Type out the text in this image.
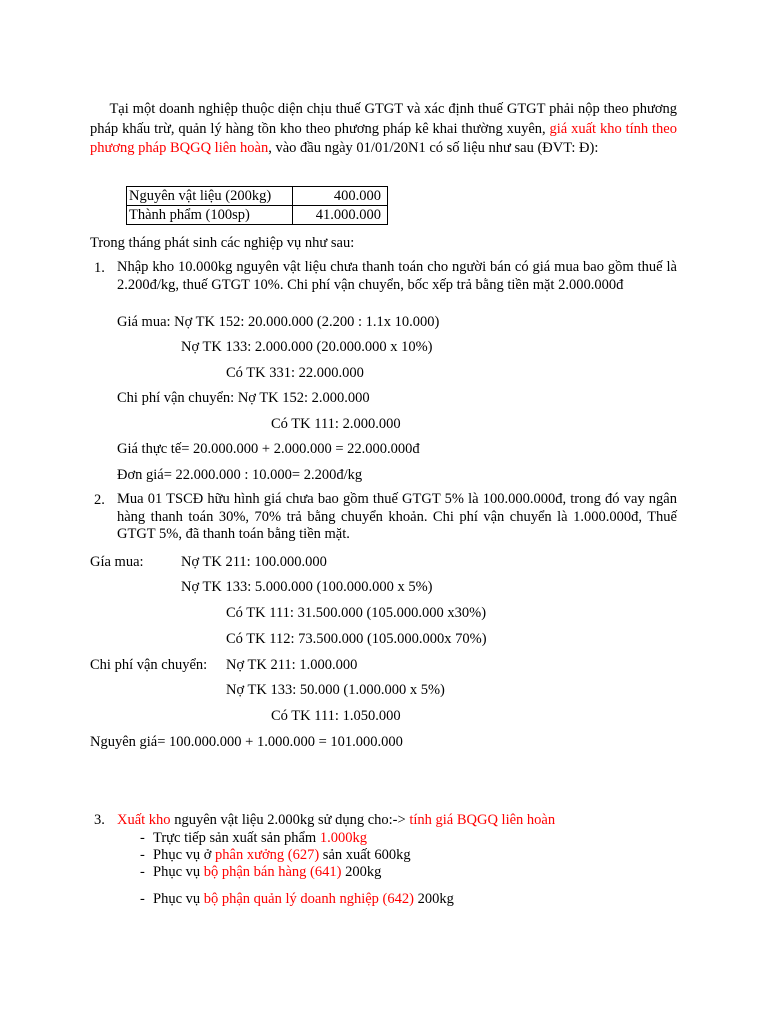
Tại một doanh nghiệp thuộc diện chịu thuế GTGT và xác định thuế GTGT phải nộp theo phương pháp khấu trừ, quản lý hàng tồn kho theo phương pháp kê khai thường xuyên, giá xuất kho tính theo phương pháp BQGQ liên hoàn, vào đầu ngày 01/01/20N1 có số liệu như sau (ĐVT: Đ):

Nguyên vật liệu (200kg)	400.000
Thành phẩm (100sp)	41.000.000
Trong tháng phát sinh các nghiệp vụ như sau:
1. Nhập kho 10.000kg nguyên vật liệu chưa thanh toán cho người bán có giá mua bao gồm thuế là 2.200đ/kg, thuế GTGT 10%. Chi phí vận chuyển, bốc xếp trả bằng tiền mặt 2.000.000đ

Giá mua: Nợ TK 152: 20.000.000 (2.200 : 1.1x 10.000)
Nợ TK 133: 2.000.000 (20.000.000 x 10%)
Có TK 331: 22.000.000
Chi phí vận chuyển: Nợ TK 152: 2.000.000
Có TK 111: 2.000.000
Giá thực tế= 20.000.000 + 2.000.000 = 22.000.000đ
Đơn giá= 22.000.000 : 10.000= 2.200đ/kg
2. Mua 01 TSCĐ hữu hình giá chưa bao gồm thuế GTGT 5% là 100.000.000đ, trong đó vay ngân hàng thanh toán 30%, 70% trả bằng chuyển khoản. Chi phí vận chuyển là 1.000.000đ, Thuế GTGT 5%, đã thanh toán bằng tiền mặt.

Gía mua:	Nợ TK 211: 100.000.000
Nợ TK 133: 5.000.000 (100.000.000 x 5%)
Có TK 111: 31.500.000 (105.000.000 x30%)
Có TK 112: 73.500.000 (105.000.000x 70%)
Chi phí vận chuyển: Nợ TK 211: 1.000.000
Nợ TK 133: 50.000 (1.000.000 x 5%)
Có TK 111: 1.050.000
Nguyên giá= 100.000.000 + 1.000.000 = 101.000.000
3. Xuất kho nguyên vật liệu 2.000kg sử dụng cho:-> tính giá BQGQ liên hoàn
- Trực tiếp sản xuất sản phẩm 1.000kg
- Phục vụ ở phân xưởng (627) sản xuất 600kg
- Phục vụ bộ phận bán hàng (641) 200kg
- Phục vụ bộ phận quản lý doanh nghiệp (642) 200kg
